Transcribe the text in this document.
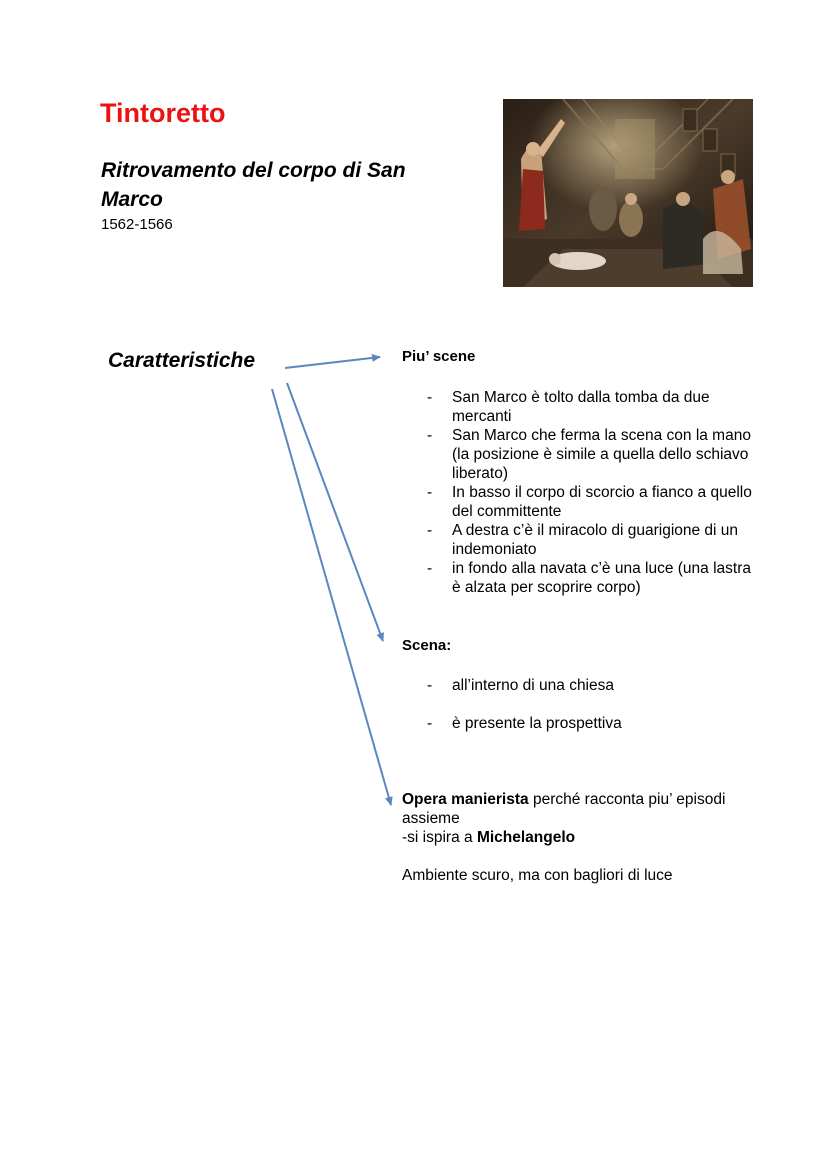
Tintoretto
Ritrovamento del corpo di San Marco
1562-1566
Caratteristiche	Piu’ scene
- San Marco è tolto dalla tomba da due mercanti
- San Marco che ferma la scena con la mano (la posizione è simile a quella dello schiavo liberato)
- In basso il corpo di scorcio a fianco a quello del committente
- A destra c’è il miracolo di guarigione di un indemoniato
- in fondo alla navata c’è una luce (una lastra è alzata per scoprire corpo)
Scena:
- all’interno di una chiesa
- è presente la prospettiva
Opera manierista perché racconta piu’ episodi assieme
-si ispira a Michelangelo
Ambiente scuro, ma con bagliori di luce
